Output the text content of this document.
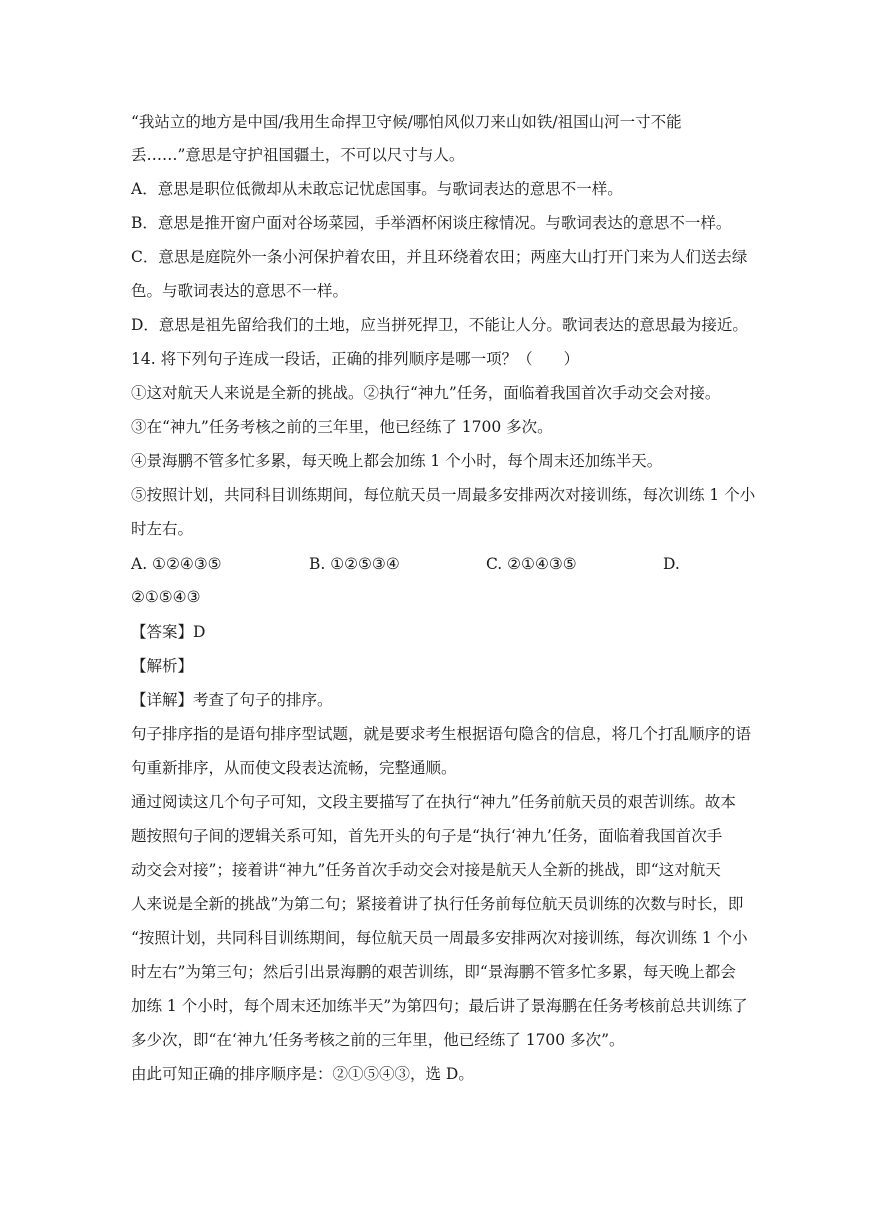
“我站立的地方是中国/我用生命捍卫守候/哪怕风似刀来山如铁/祖国山河一寸不能

丢……”意思是守护祖国疆土，不可以尺寸与人。

A．意思是职位低微却从未敢忘记忧虑国事。与歌词表达的意思不一样。

B．意思是推开窗户面对谷场菜园，手举酒杯闲谈庄稼情况。与歌词表达的意思不一样。

C．意思是庭院外一条小河保护着农田，并且环绕着农田；两座大山打开门来为人们送去绿

色。与歌词表达的意思不一样。

D．意思是祖先留给我们的土地，应当拼死捍卫，不能让人分。歌词表达的意思最为接近。

14. 将下列句子连成一段话，正确的排列顺序是哪一项？（　　）

①这对航天人来说是全新的挑战。②执行“神九”任务，面临着我国首次手动交会对接。

③在“神九”任务考核之前的三年里，他已经练了 1700 多次。

④景海鹏不管多忙多累，每天晚上都会加练 1 个小时，每个周末还加练半天。

⑤按照计划，共同科目训练期间，每位航天员一周最多安排两次对接训练，每次训练 1 个小

时左右。

A. ①②④③⑤	B. ①②⑤③④	C. ②①④③⑤	D.

②①⑤④③

【答案】D

【解析】

【详解】考查了句子的排序。

句子排序指的是语句排序型试题，就是要求考生根据语句隐含的信息，将几个打乱顺序的语

句重新排序，从而使文段表达流畅，完整通顺。

通过阅读这几个句子可知，文段主要描写了在执行“神九”任务前航天员的艰苦训练。故本

题按照句子间的逻辑关系可知，首先开头的句子是“执行‘神九’任务，面临着我国首次手

动交会对接”；接着讲“神九”任务首次手动交会对接是航天人全新的挑战，即“这对航天

人来说是全新的挑战”为第二句；紧接着讲了执行任务前每位航天员训练的次数与时长，即

“按照计划，共同科目训练期间，每位航天员一周最多安排两次对接训练，每次训练 1 个小

时左右”为第三句；然后引出景海鹏的艰苦训练，即“景海鹏不管多忙多累，每天晚上都会

加练 1 个小时，每个周末还加练半天”为第四句；最后讲了景海鹏在任务考核前总共训练了

多少次，即“在‘神九’任务考核之前的三年里，他已经练了 1700 多次”。

由此可知正确的排序顺序是：②①⑤④③，选 D。
